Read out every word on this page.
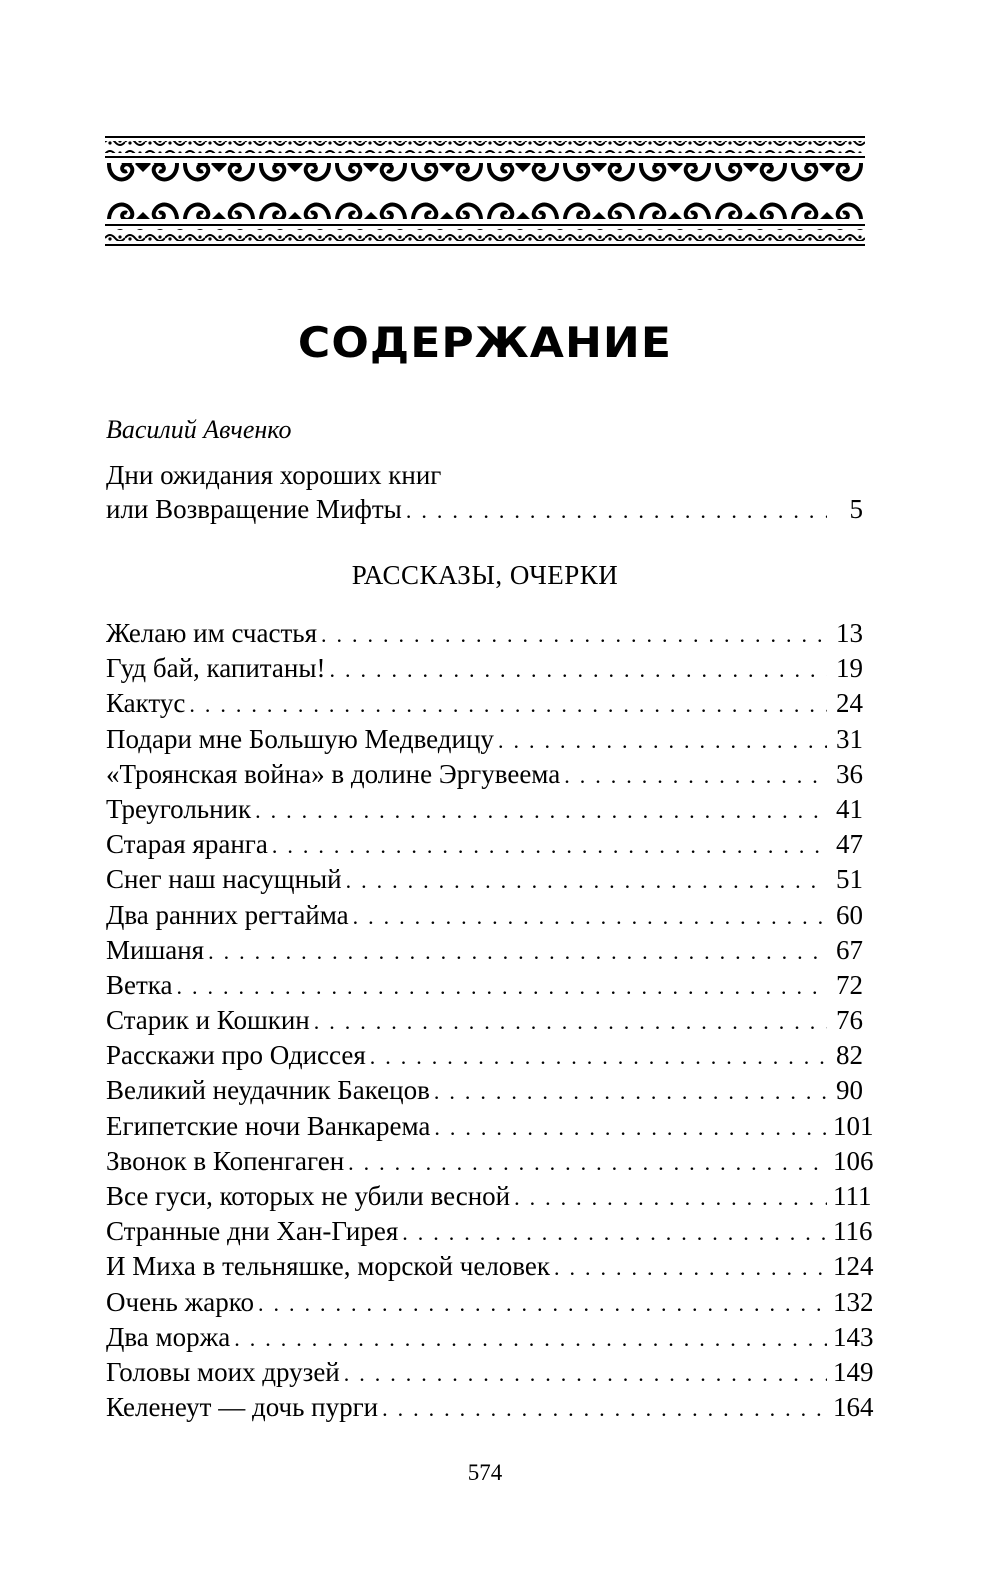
СОДЕРЖАНИЕ
Василий Авченко
Дни ожидания хороших книг
или Возвращение Мифты . . .	5
РАССКАЗЫ, ОЧЕРКИ
Желаю им счастья . . .	13
Гуд бай, капитаны! . . .	19
Кактус . . .	24
Подари мне Большую Медведицу . . .	31
«Троянская война» в долине Эргувеема . . .	36
Треугольник . . .	41
Старая яранга . . .	47
Снег наш насущный . . .	51
Два ранних регтайма . . .	60
Мишаня . . .	67
Ветка . . .	72
Старик и Кошкин . . .	76
Расскажи про Одиссея . . .	82
Великий неудачник Бакецов . . .	90
Египетские ночи Ванкарема . . .	101
Звонок в Копенгаген . . .	106
Все гуси, которых не убили весной . . .	111
Странные дни Хан-Гирея . . .	116
И Миха в тельняшке, морской человек . . .	124
Очень жарко . . .	132
Два моржа . . .	143
Головы моих друзей . . .	149
Келенеут — дочь пурги . . .	164
574
